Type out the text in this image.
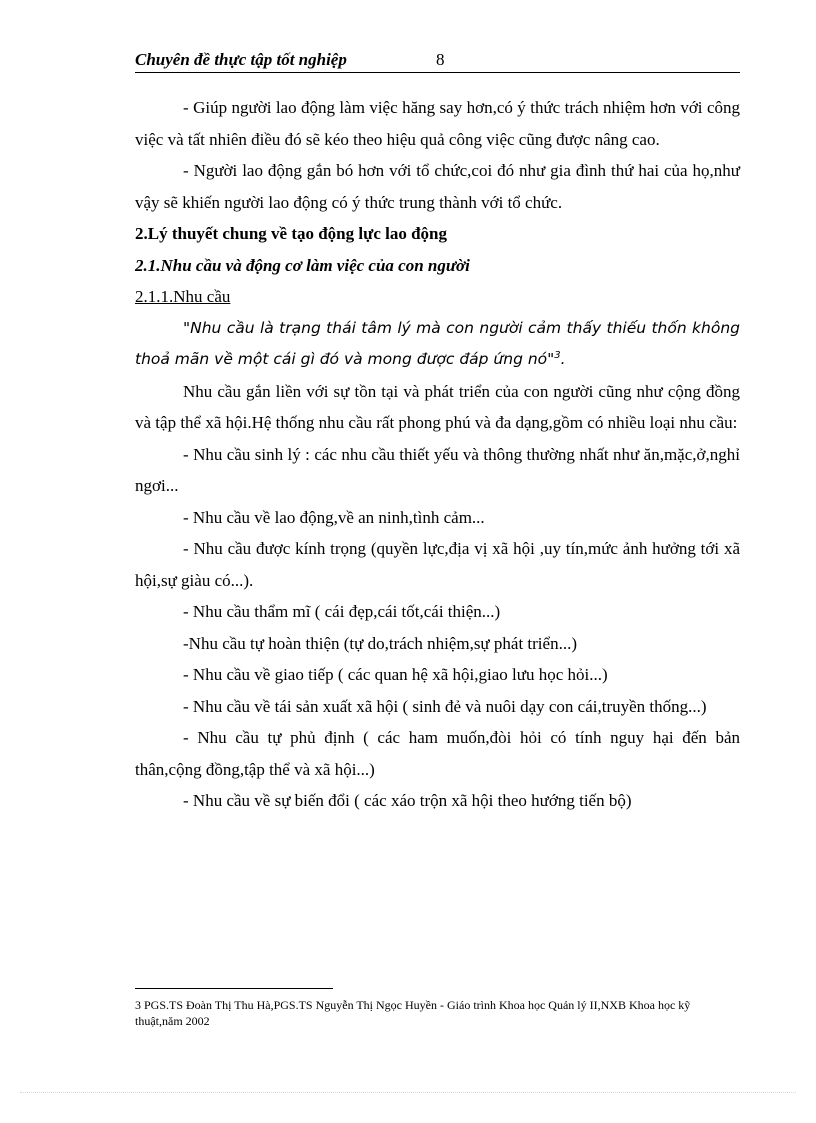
Chuyên đề thực tập tốt nghiệp	8

- Giúp người lao động làm việc hăng say hơn,có ý thức trách nhiệm hơn với công việc và tất nhiên điều đó sẽ kéo theo hiệu quả công việc cũng được nâng cao.

- Người lao động gắn bó hơn với tổ chức,coi đó như gia đình thứ hai của họ,như vậy sẽ khiến người lao động có ý thức trung thành với tổ chức.

2.Lý thuyết chung về tạo động lực lao động

2.1.Nhu cầu và động cơ làm việc của con người

2.1.1.Nhu cầu

"Nhu cầu là trạng thái tâm lý mà con người cảm thấy thiếu thốn không thoả mãn về một cái gì đó và mong được đáp ứng nó"$^3$.

Nhu cầu gắn liền với sự tồn tại và phát triển của con người cũng như cộng đồng và tập thể xã hội.Hệ thống nhu cầu rất phong phú và đa dạng,gồm có nhiều loại nhu cầu:

- Nhu cầu sinh lý : các nhu cầu thiết yếu và thông thường nhất như ăn,mặc,ở,nghỉ ngơi...

- Nhu cầu về lao động,về an ninh,tình cảm...

- Nhu cầu được kính trọng (quyền lực,địa vị xã hội ,uy tín,mức ảnh hưởng tới xã hội,sự giàu có...).

- Nhu cầu thẩm mĩ ( cái đẹp,cái tốt,cái thiện...)

-Nhu cầu tự hoàn thiện (tự do,trách nhiệm,sự phát triển...)

- Nhu cầu về giao tiếp ( các quan hệ xã hội,giao lưu học hỏi...)

- Nhu cầu về tái sản xuất xã hội ( sinh đẻ và nuôi dạy con cái,truyền thống...)

- Nhu cầu tự phủ định ( các ham muốn,đòi hỏi có tính nguy hại đến bản thân,cộng đồng,tập thể và xã hội...)

- Nhu cầu về sự biến đổi ( các xáo trộn xã hội theo hướng tiến bộ)

3 PGS.TS Đoàn Thị Thu Hà,PGS.TS Nguyễn Thị Ngọc Huyền - Giáo trình Khoa học Quản lý II,NXB Khoa học kỹ thuật,năm 2002
